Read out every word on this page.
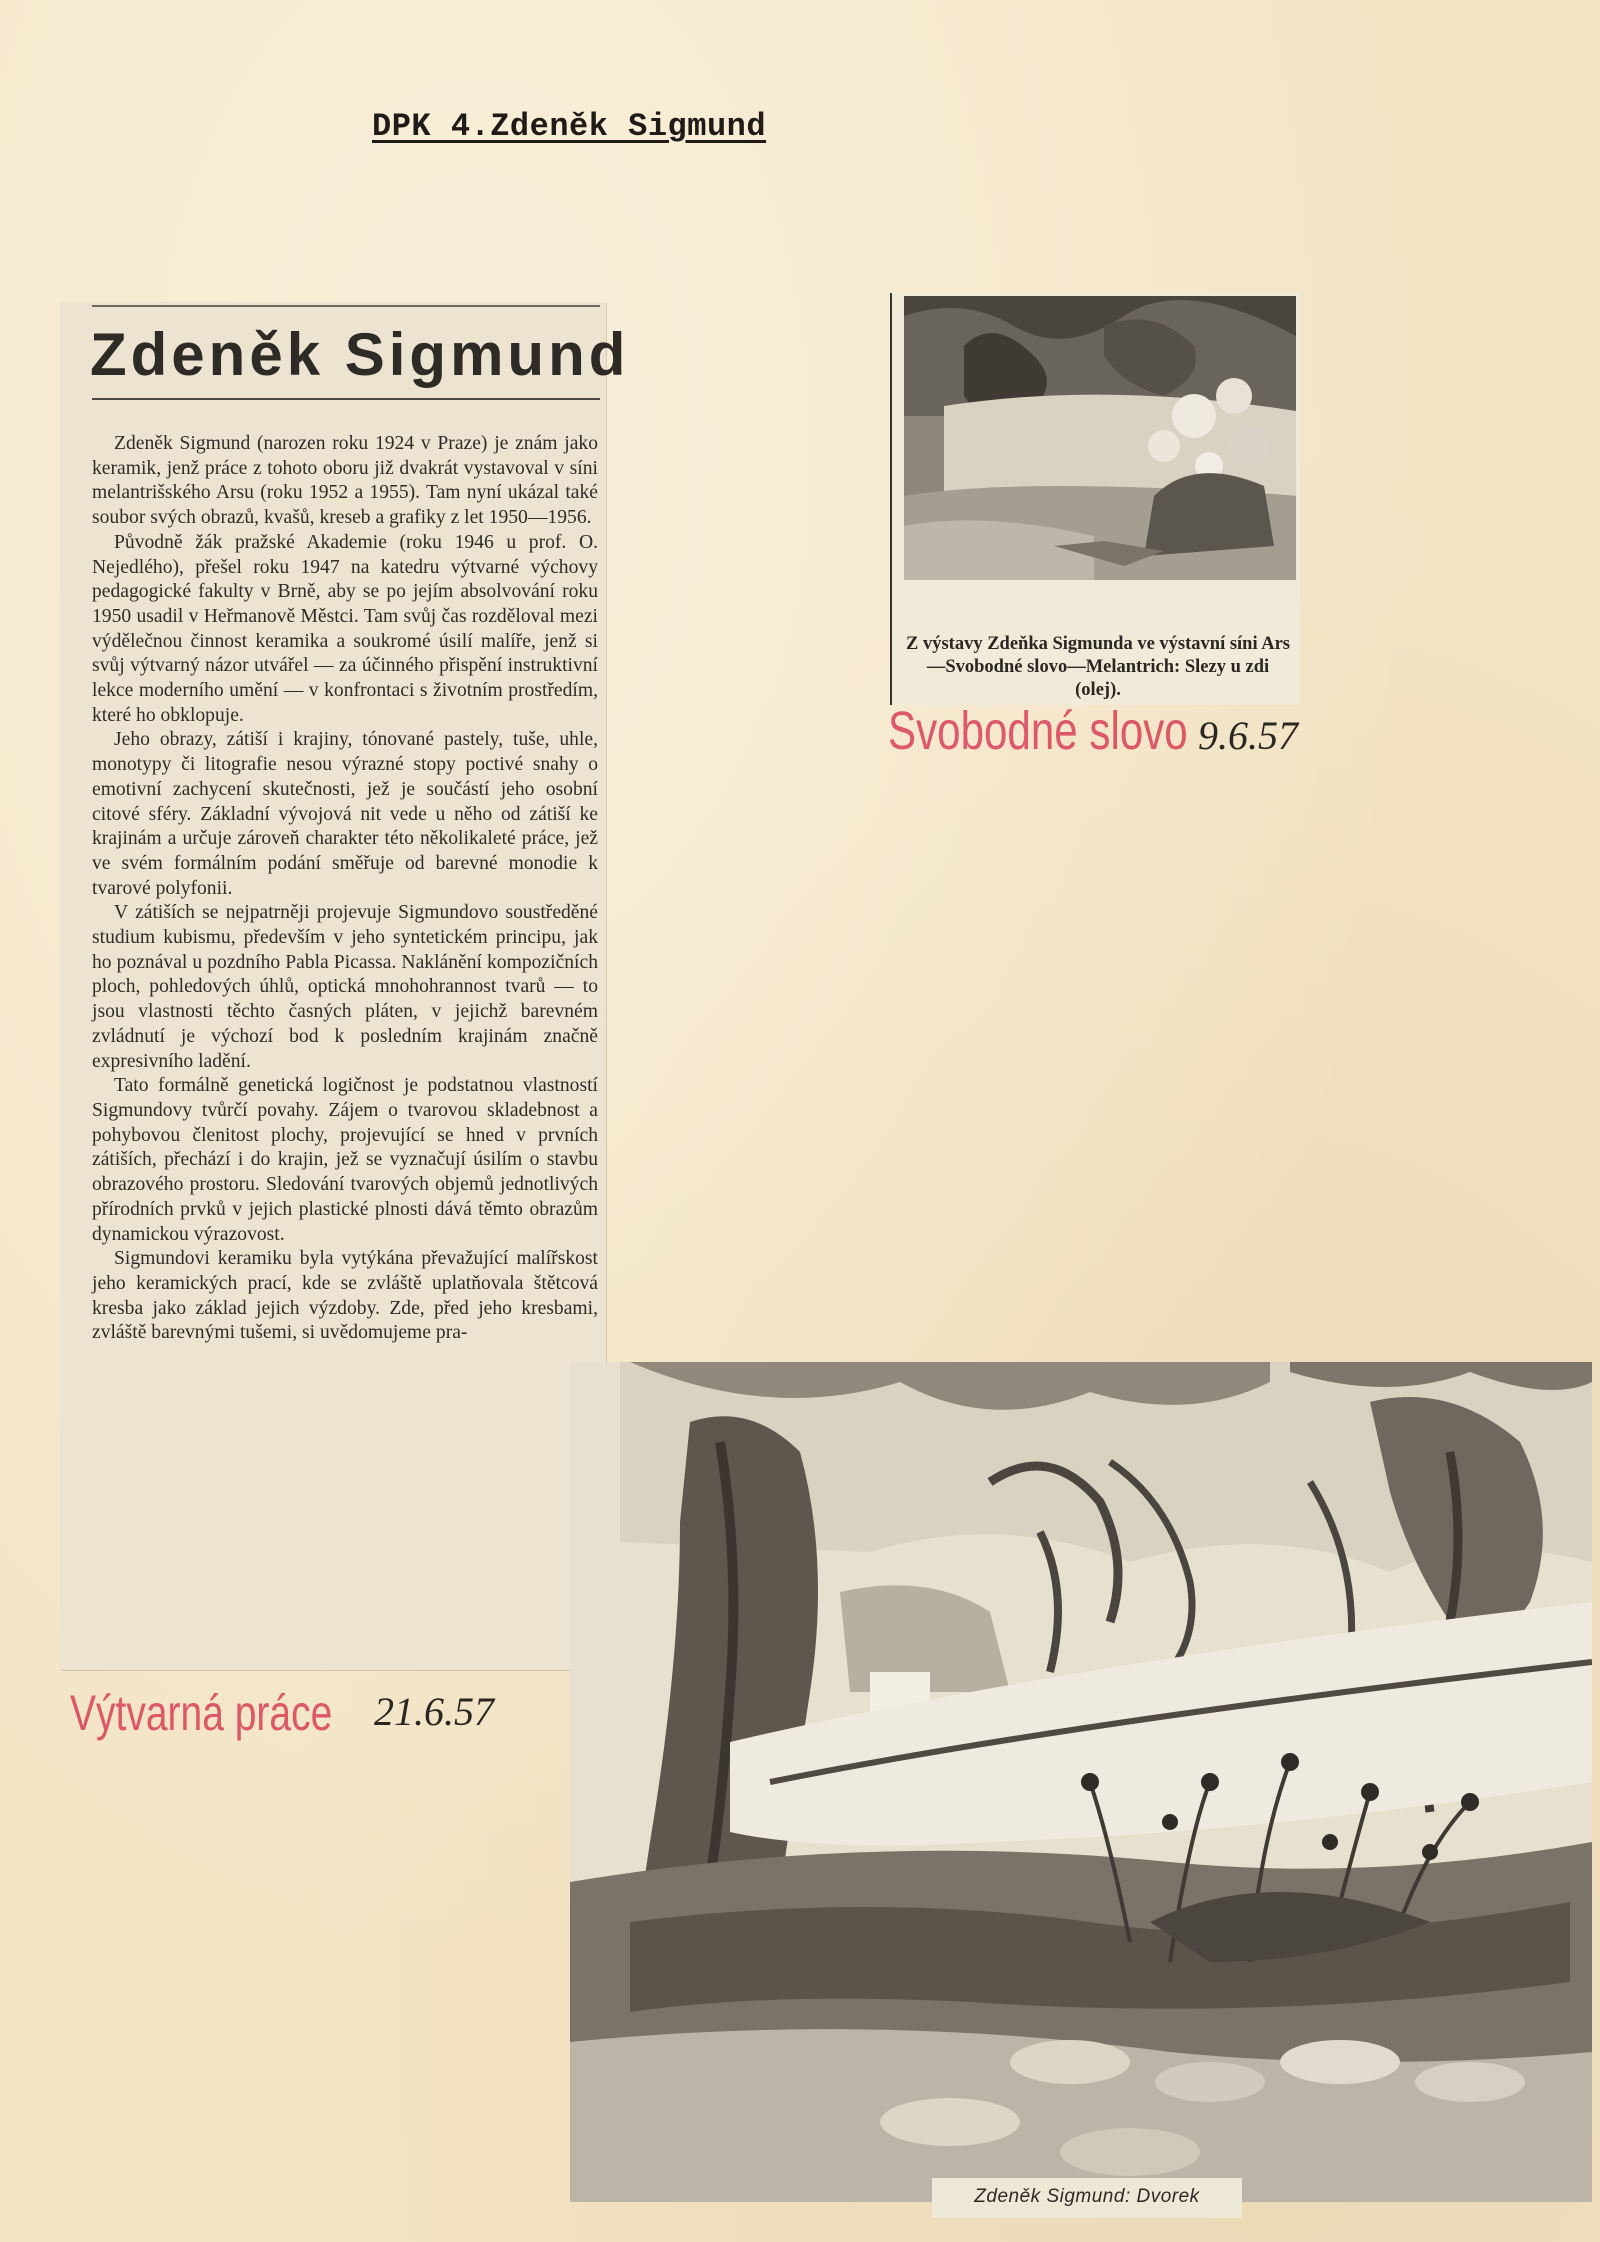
DPK 4.Zdeněk Sigmund
Zdeněk Sigmund

Zdeněk Sigmund (narozen roku 1924 v Praze) je znám jako keramik, jenž práce z tohoto oboru již dvakrát vystavoval v síni melantrišského Arsu (roku 1952 a 1955). Tam nyní ukázal také soubor svých obrazů, kvašů, kreseb a grafiky z let 1950—1956.

Původně žák pražské Akademie (roku 1946 u prof. O. Nejedlého), přešel roku 1947 na katedru výtvarné výchovy pedagogické fakulty v Brně, aby se po jejím absolvování roku 1950 usadil v Heřmanově Městci. Tam svůj čas rozděloval mezi výdělečnou činnost keramika a soukromé úsilí malíře, jenž si svůj výtvarný názor utvářel — za účinného přispění instruktivní lekce moderního umění — v konfrontaci s životním prostředím, které ho obklopuje.

Jeho obrazy, zátiší i krajiny, tónované pastely, tuše, uhle, monotypy či litografie nesou výrazné stopy poctivé snahy o emotivní zachycení skutečnosti, jež je součástí jeho osobní citové sféry. Základní vývojová nit vede u něho od zátiší ke krajinám a určuje zároveň charakter této několikaleté práce, jež ve svém formálním podání směřuje od barevné monodie k tvarové polyfonii.

V zátiších se nejpatrněji projevuje Sigmundovo soustředěné studium kubismu, především v jeho syntetickém principu, jak ho poznával u pozdního Pabla Picassa. Naklánění kompozičních ploch, pohledových úhlů, optická mnohohrannost tvarů — to jsou vlastnosti těchto časných pláten, v jejichž barevném zvládnutí je výchozí bod k posledním krajinám značně expresivního ladění.

Tato formálně genetická logičnost je podstatnou vlastností Sigmundovy tvůrčí povahy. Zájem o tvarovou skladebnost a pohybovou členitost plochy, projevující se hned v prvních zátiších, přechází i do krajin, jež se vyznačují úsilím o stavbu obrazového prostoru. Sledování tvarových objemů jednotlivých přírodních prvků v jejich plastické plnosti dává těmto obrazům dynamickou výrazovost.

Sigmundovi keramiku byla vytýkána převažující malířskost jeho keramických prací, kde se zvláště uplatňovala štětcová kresba jako základ jejich výzdoby. Zde, před jeho kresbami, zvláště barevnými tušemi, si uvědomujeme pra-

Výtvarná práce 21.6.57
Z výstavy Zdeňka Sigmunda ve výstavní síni Ars—Svobodné slovo—Melantrich: Slezy u zdi (olej).
Svobodné slovo 9.6.57
Zdeněk Sigmund: Dvorek
